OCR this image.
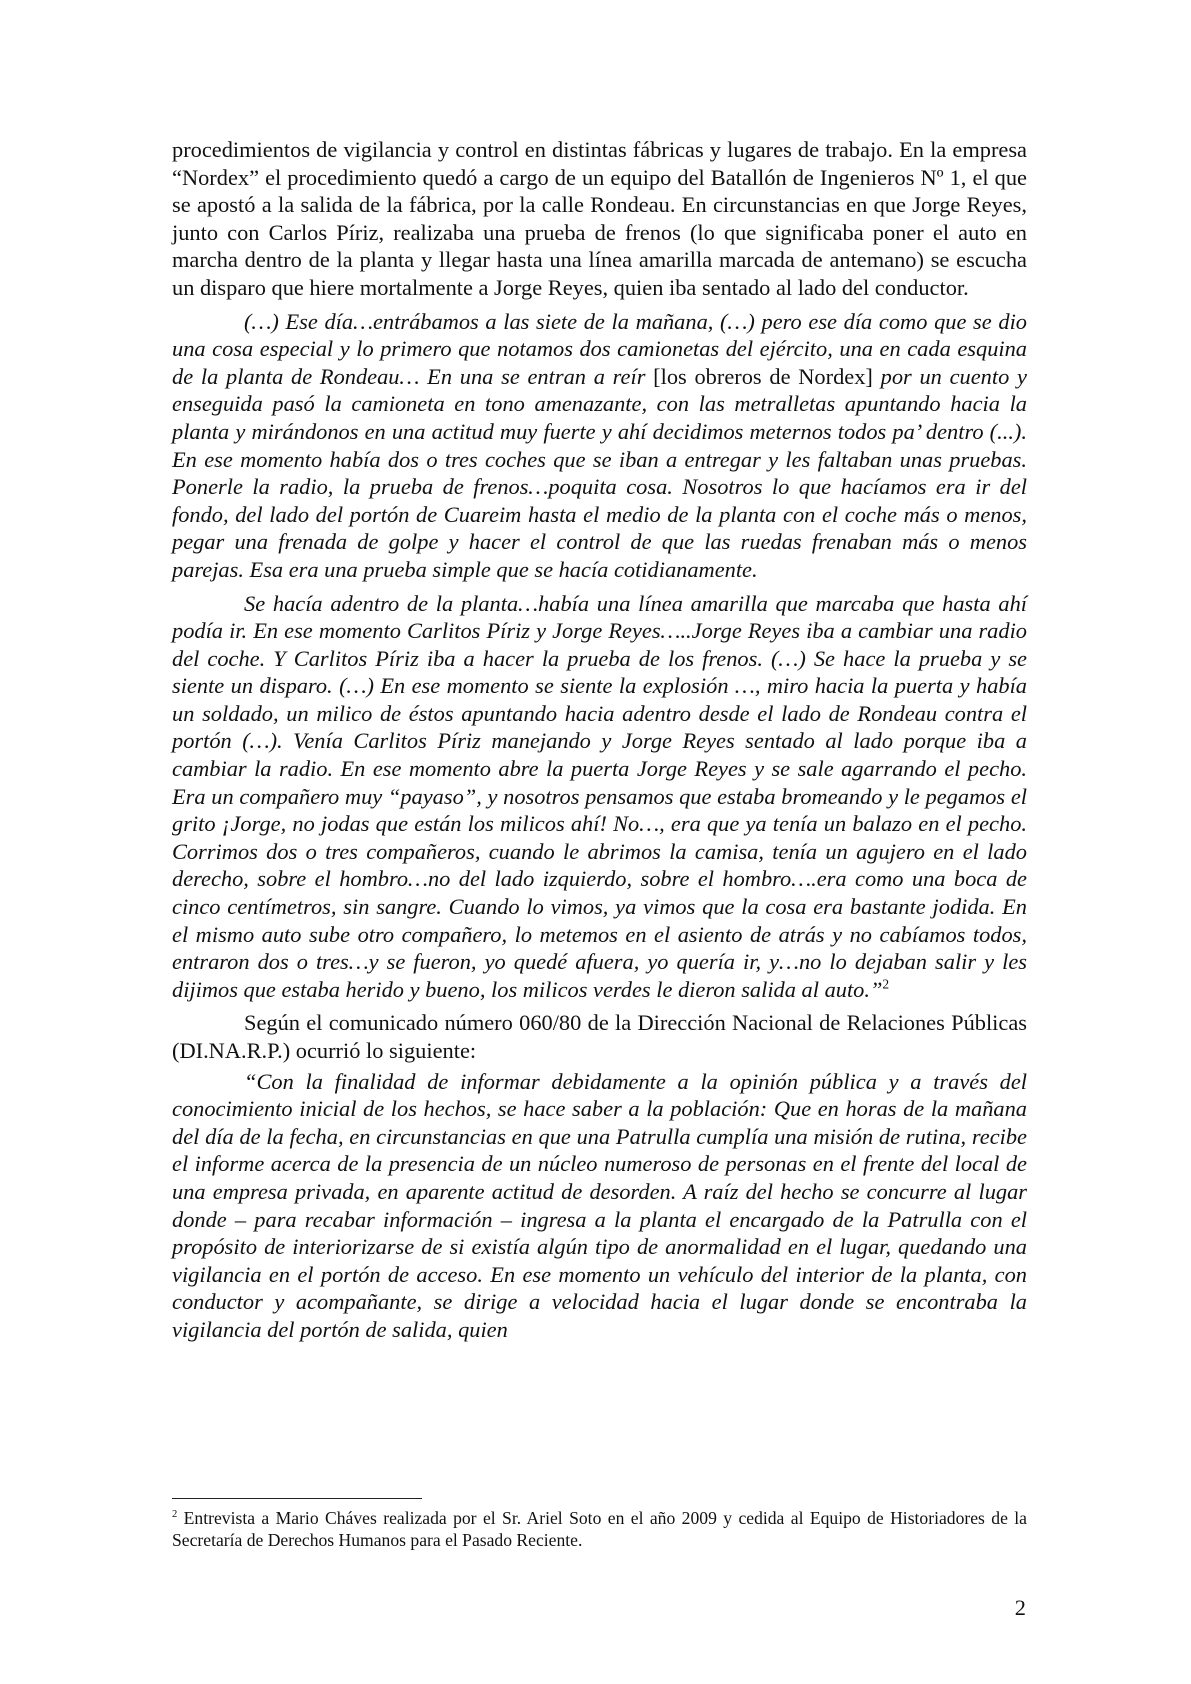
procedimientos de vigilancia y control en distintas fábricas y lugares de trabajo. En la empresa “Nordex” el procedimiento quedó a cargo de un equipo del Batallón de Ingenieros Nº 1, el que se apostó a la salida de la fábrica, por la calle Rondeau. En circunstancias en que Jorge Reyes, junto con Carlos Píriz, realizaba una prueba de frenos (lo que significaba poner el auto en marcha dentro de la planta y llegar hasta una línea amarilla marcada de antemano) se escucha un disparo que hiere mortalmente a Jorge Reyes, quien iba sentado al lado del conductor.

(…) Ese día…entrábamos a las siete de la mañana, (…) pero ese día como que se dio una cosa especial y lo primero que notamos dos camionetas del ejército, una en cada esquina de la planta de Rondeau… En una se entran a reír [los obreros de Nordex] por un cuento y enseguida pasó la camioneta en tono amenazante, con las metralletas apuntando hacia la planta y mirándonos en una actitud muy fuerte y ahí decidimos meternos todos pa’ dentro (...). En ese momento había dos o tres coches que se iban a entregar y les faltaban unas pruebas. Ponerle la radio, la prueba de frenos…poquita cosa. Nosotros lo que hacíamos era ir del fondo, del lado del portón de Cuareim hasta el medio de la planta con el coche más o menos, pegar una frenada de golpe y hacer el control de que las ruedas frenaban más o menos parejas. Esa era una prueba simple que se hacía cotidianamente.

Se hacía adentro de la planta…había una línea amarilla que marcaba que hasta ahí podía ir. En ese momento Carlitos Píriz y Jorge Reyes…..Jorge Reyes iba a cambiar una radio del coche. Y Carlitos Píriz iba a hacer la prueba de los frenos. (…) Se hace la prueba y se siente un disparo. (…) En ese momento se siente la explosión …, miro hacia la puerta y había un soldado, un milico de éstos apuntando hacia adentro desde el lado de Rondeau contra el portón (…). Venía Carlitos Píriz manejando y Jorge Reyes sentado al lado porque iba a cambiar la radio. En ese momento abre la puerta Jorge Reyes y se sale agarrando el pecho. Era un compañero muy “payaso”, y nosotros pensamos que estaba bromeando y le pegamos el grito ¡Jorge, no jodas que están los milicos ahí! No…, era que ya tenía un balazo en el pecho. Corrimos dos o tres compañeros, cuando le abrimos la camisa, tenía un agujero en el lado derecho, sobre el hombro…no del lado izquierdo, sobre el hombro….era como una boca de cinco centímetros, sin sangre. Cuando lo vimos, ya vimos que la cosa era bastante jodida. En el mismo auto sube otro compañero, lo metemos en el asiento de atrás y no cabíamos todos, entraron dos o tres…y se fueron, yo quedé afuera, yo quería ir, y…no lo dejaban salir y les dijimos que estaba herido y bueno, los milicos verdes le dieron salida al auto.”$^2$

Según el comunicado número 060/80 de la Dirección Nacional de Relaciones Públicas (DI.NA.R.P.) ocurrió lo siguiente:

“Con la finalidad de informar debidamente a la opinión pública y a través del conocimiento inicial de los hechos, se hace saber a la población: Que en horas de la mañana del día de la fecha, en circunstancias en que una Patrulla cumplía una misión de rutina, recibe el informe acerca de la presencia de un núcleo numeroso de personas en el frente del local de una empresa privada, en aparente actitud de desorden. A raíz del hecho se concurre al lugar donde – para recabar información – ingresa a la planta el encargado de la Patrulla con el propósito de interiorizarse de si existía algún tipo de anormalidad en el lugar, quedando una vigilancia en el portón de acceso. En ese momento un vehículo del interior de la planta, con conductor y acompañante, se dirige a velocidad hacia el lugar donde se encontraba la vigilancia del portón de salida, quien

$^2$ Entrevista a Mario Cháves realizada por el Sr. Ariel Soto en el año 2009 y cedida al Equipo de Historiadores de la Secretaría de Derechos Humanos para el Pasado Reciente.
2
